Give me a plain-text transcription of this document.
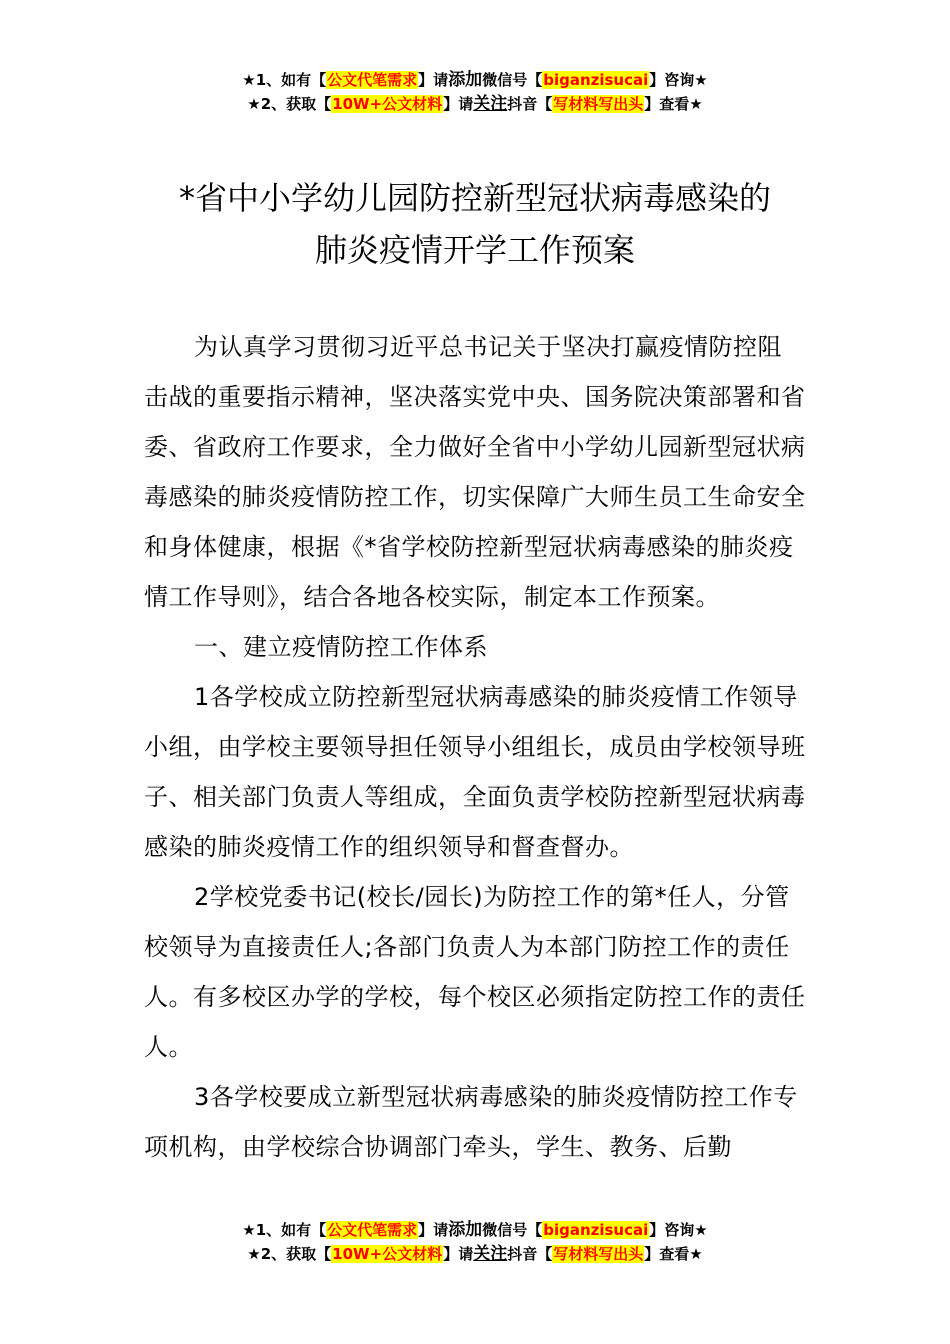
★1、如有【公文代笔需求】请添加微信号【biganzisucai】咨询★
★2、获取【10W+公文材料】请关注抖音【写材料写出头】查看★
*省中小学幼儿园防控新型冠状病毒感染的
肺炎疫情开学工作预案

为认真学习贯彻习近平总书记关于坚决打赢疫情防控阻击战的重要指示精神，坚决落实党中央、国务院决策部署和省委、省政府工作要求，全力做好全省中小学幼儿园新型冠状病毒感染的肺炎疫情防控工作，切实保障广大师生员工生命安全和身体健康，根据《*省学校防控新型冠状病毒感染的肺炎疫情工作导则》，结合各地各校实际，制定本工作预案。

一、建立疫情防控工作体系

1各学校成立防控新型冠状病毒感染的肺炎疫情工作领导小组，由学校主要领导担任领导小组组长，成员由学校领导班子、相关部门负责人等组成，全面负责学校防控新型冠状病毒感染的肺炎疫情工作的组织领导和督查督办。

2学校党委书记(校长/园长)为防控工作的第*任人，分管校领导为直接责任人;各部门负责人为本部门防控工作的责任人。有多校区办学的学校，每个校区必须指定防控工作的责任人。

3各学校要成立新型冠状病毒感染的肺炎疫情防控工作专项机构，由学校综合协调部门牵头，学生、教务、后勤

★1、如有【公文代笔需求】请添加微信号【biganzisucai】咨询★
★2、获取【10W+公文材料】请关注抖音【写材料写出头】查看★
